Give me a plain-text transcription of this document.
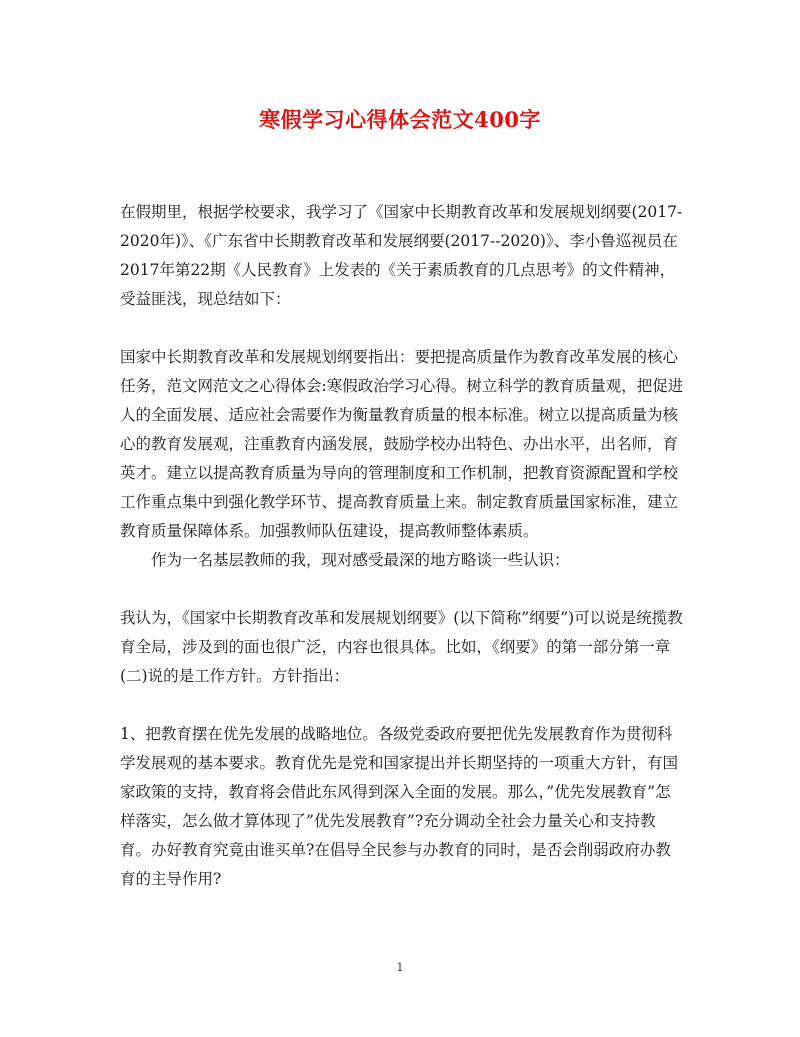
寒假学习心得体会范文400字

在假期里，根据学校要求，我学习了《国家中长期教育改革和发展规划纲要(2017-2020年)》、《广东省中长期教育改革和发展纲要(2017--2020)》、李小鲁巡视员在2017年第22期《人民教育》上发表的《关于素质教育的几点思考》的文件精神，受益匪浅，现总结如下：

国家中长期教育改革和发展规划纲要指出：要把提高质量作为教育改革发展的核心任务，范文网范文之心得体会:寒假政治学习心得。树立科学的教育质量观，把促进人的全面发展、适应社会需要作为衡量教育质量的根本标准。树立以提高质量为核心的教育发展观，注重教育内涵发展，鼓励学校办出特色、办出水平，出名师，育英才。建立以提高教育质量为导向的管理制度和工作机制，把教育资源配置和学校工作重点集中到强化教学环节、提高教育质量上来。制定教育质量国家标准，建立教育质量保障体系。加强教师队伍建设，提高教师整体素质。

作为一名基层教师的我，现对感受最深的地方略谈一些认识：

我认为，《国家中长期教育改革和发展规划纲要》(以下简称”纲要”)可以说是统揽教育全局，涉及到的面也很广泛，内容也很具体。比如，《纲要》的第一部分第一章(二)说的是工作方针。方针指出：

1、把教育摆在优先发展的战略地位。各级党委政府要把优先发展教育作为贯彻科学发展观的基本要求。教育优先是党和国家提出并长期坚持的一项重大方针，有国家政策的支持，教育将会借此东风得到深入全面的发展。那么，”优先发展教育”怎样落实，怎么做才算体现了”优先发展教育”?充分调动全社会力量关心和支持教育。办好教育究竟由谁买单?在倡导全民参与办教育的同时，是否会削弱政府办教育的主导作用?

1
